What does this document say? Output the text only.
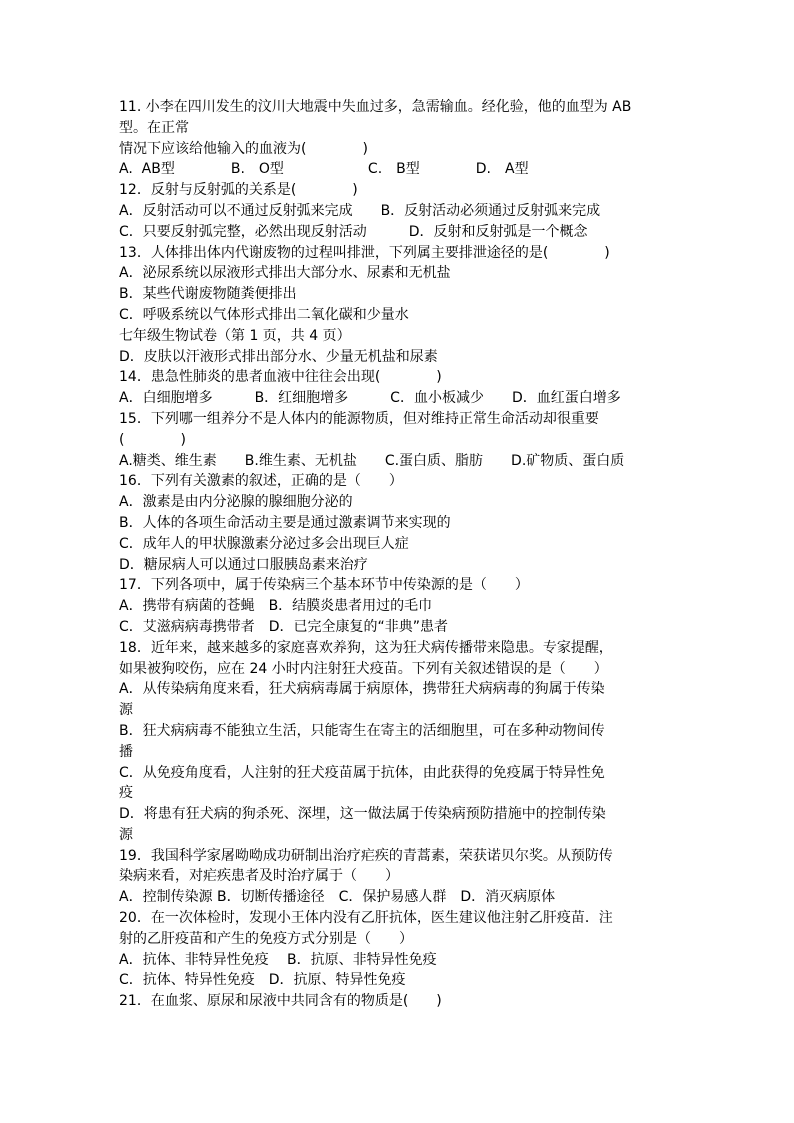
11. 小李在四川发生的汶川大地震中失血过多，急需输血。经化验，他的血型为 AB
型。在正常
情况下应该给他输入的血液为(　　　　)
A.  AB型　　　　B.　O型　　　　　　C.　B型　　　　D.　A型
12．反射与反射弧的关系是(　　　　)
A．反射活动可以不通过反射弧来完成　　B．反射活动必须通过反射弧来完成
C．只要反射弧完整，必然出现反射活动　　　D．反射和反射弧是一个概念
13．人体排出体内代谢废物的过程叫排泄，下列属主要排泄途径的是(　　　　)
A．泌尿系统以尿液形式排出大部分水、尿素和无机盐
B．某些代谢废物随粪便排出
C．呼吸系统以气体形式排出二氧化碳和少量水
七年级生物试卷（第 1 页，共 4 页）
D．皮肤以汗液形式排出部分水、少量无机盐和尿素
14．患急性肺炎的患者血液中往往会出现(　　　　)
A．白细胞增多　　　B．红细胞增多　　　C．血小板减少　　D．血红蛋白增多
15．下列哪一组养分不是人体内的能源物质，但对维持正常生命活动却很重要
(　　　　)
A.糖类、维生素　　B.维生素、无机盐　　C.蛋白质、脂肪　　D.矿物质、蛋白质
16．下列有关激素的叙述，正确的是（　　）
A．激素是由内分泌腺的腺细胞分泌的
B．人体的各项生命活动主要是通过激素调节来实现的
C．成年人的甲状腺激素分泌过多会出现巨人症
D．糖尿病人可以通过口服胰岛素来治疗
17．下列各项中，属于传染病三个基本环节中传染源的是（　　）
A．携带有病菌的苍蝇　B．结膜炎患者用过的毛巾
C．艾滋病病毒携带者　D．已完全康复的“非典”患者
18．近年来，越来越多的家庭喜欢养狗，这为狂犬病传播带来隐患。专家提醒，
如果被狗咬伤，应在 24 小时内注射狂犬疫苗。下列有关叙述错误的是（　　）
A．从传染病角度来看，狂犬病病毒属于病原体，携带狂犬病病毒的狗属于传染
源
B．狂犬病病毒不能独立生活，只能寄生在寄主的活细胞里，可在多种动物间传
播
C．从免疫角度看，人注射的狂犬疫苗属于抗体，由此获得的免疫属于特异性免
疫
D．将患有狂犬病的狗杀死、深埋，这一做法属于传染病预防措施中的控制传染
源
19．我国科学家屠呦呦成功研制出治疗疟疾的青蒿素，荣获诺贝尔奖。从预防传
染病来看，对疟疾患者及时治疗属于（　　）
A．控制传染源 B．切断传播途径　C．保护易感人群　D．消灭病原体
20．在一次体检时，发现小王体内没有乙肝抗体，医生建议他注射乙肝疫苗．注
射的乙肝疫苗和产生的免疫方式分别是（　　）
A．抗体、非特异性免疫　 B．抗原、非特异性免疫
C．抗体、特异性免疫　D．抗原、特异性免疫
21．在血浆、原尿和尿液中共同含有的物质是(　　)
